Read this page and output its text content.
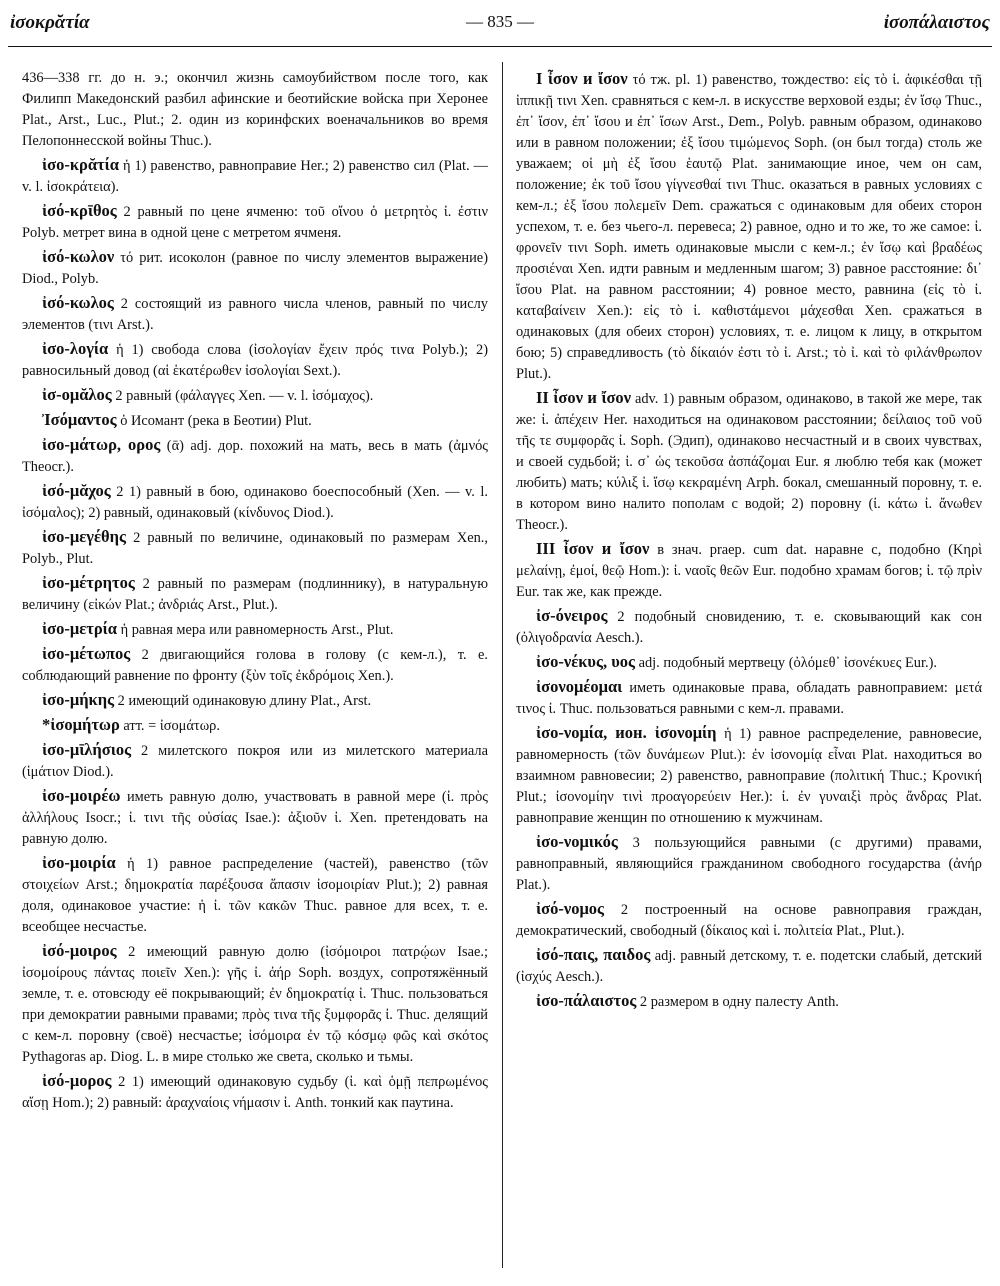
ἰσοκρᾰτία	— 835 —	ἰσοπάλαιστος

436—338 гг. до н. э.; окончил жизнь самоубийством после того, как Филипп Македонский разбил афинские и беотийские войска при Херонее Plat., Arst., Luc., Plut.; 2. один из коринфских военачальников во время Пелопоннесской войны Thuc.).

ἰσο-κρᾰτία ἡ 1) равенство, равноправие Her.; 2) равенство сил (Plat. — v. l. ἰσοκράτεια).

ἰσό-κρῑθος 2 равный по цене ячменю: τοῦ οἴνου ὁ μετρητὸς ἰ. ἐστιν Polyb. метрет вина в одной цене с метретом ячменя.

ἰσό-κωλον τό рит. исоколон (равное по числу элементов выражение) Diod., Polyb.

ἰσό-κωλος 2 состоящий из равного числа членов, равный по числу элементов (τινι Arst.).

ἰσο-λογία ἡ 1) свобода слова (ἰσολογίαν ἔχειν πρός τινα Polyb.); 2) равносильный довод (αἱ ἑκατέρωθεν ἰσολογίαι Sext.).

ἰσ-ομᾰλος 2 равный (φάλαγγες Xen. — v. l. ἰσόμαχος).

Ἰσόμαντος ὁ Исомант (река в Беотии) Plut.

ἰσο-μάτωρ, ορος (ᾱ) adj. дор. похожий на мать, весь в мать (ἀμνός Theocr.).

ἰσό-μᾰχος 2 1) равный в бою, одинаково боеспособный (Xen. — v. l. ἰσόμαλος); 2) равный, одинаковый (κίνδυνος Diod.).

ἰσο-μεγέθης 2 равный по величине, одинаковый по размерам Xen., Polyb., Plut.

ἰσο-μέτρητος 2 равный по размерам (подлиннику), в натуральную величину (εἰκών Plat.; ἀνδριάς Arst., Plut.).

ἰσο-μετρία ἡ равная мера или равномерность Arst., Plut.

ἰσο-μέτωπος 2 двигающийся голова в голову (с кем-л.), т. е. соблюдающий равнение по фронту (ξὺν τοῖς ἐκδρόμοις Xen.).

ἰσο-μήκης 2 имеющий одинаковую длину Plat., Arst.

*ἰσομήτωρ атт. = ἰσομάτωρ.

ἰσο-μῑλήσιος 2 милетского покроя или из милетского материала (ἱμάτιον Diod.).

ἰσο-μοιρέω иметь равную долю, участвовать в равной мере (ἰ. πρὸς ἀλλήλους Isocr.; ἰ. τινι τῆς οὐσίας Isae.): ἀξιοῦν ἰ. Xen. претендовать на равную долю.

ἰσο-μοιρία ἡ 1) равное распределение (частей), равенство (τῶν στοιχείων Arst.; δημοκρατία παρέξουσα ἅπασιν ἰσομοιρίαν Plut.); 2) равная доля, одинаковое участие: ἡ ἰ. τῶν κακῶν Thuc. равное для всех, т. е. всеобщее несчастье.

ἰσό-μοιρος 2 имеющий равную долю (ἰσόμοιροι πατρῴων Isae.; ἰσομοίρους πάντας ποιεῖν Xen.): γῆς ἰ. ἀήρ Soph. воздух, сопротяжённый земле, т. е. отовсюду её покрывающий; ἐν δημοκρατίᾳ ἰ. Thuc. пользоваться при демократии равными правами; πρὸς τινα τῆς ξυμφορᾶς ἰ. Thuc. делящий с кем-л. поровну (своё) несчастье; ἰσόμοιρα ἐν τῷ κόσμῳ φῶς καὶ σκότος Pythagoras ap. Diog. L. в мире столько же света, сколько и тьмы.

ἰσό-μορος 2 1) имеющий одинаковую судьбу (ἰ. καὶ ὁμῇ πεπρωμένος αἴσῃ Hom.); 2) равный: ἀραχναίοις νήμασιν ἰ. Anth. тонкий как паутина.

I ἶσον и ἴσον τό тж. pl. 1) равенство, тождество: εἰς τὸ ἰ. ἀφικέσθαι τῇ ἱππικῇ τινι Xen. сравняться с кем-л. в искусстве верховой езды; ἐν ἴσῳ Thuc., ἐπ᾽ ἴσον, ἐπ᾽ ἴσου и ἐπ᾽ ἴσων Arst., Dem., Polyb. равным образом, одинаково или в равном положении; ἐξ ἴσου τιμώμενος Soph. (он был тогда) столь же уважаем; οἱ μὴ ἐξ ἴσου ἑαυτῷ Plat. занимающие иное, чем он сам, положение; ἐκ τοῦ ἴσου γίγνεσθαί τινι Thuc. оказаться в равных условиях с кем-л.; ἐξ ἴσου πολεμεῖν Dem. сражаться с одинаковым для обеих сторон успехом, т. е. без чьего-л. перевеса; 2) равное, одно и то же, то же самое: ἰ. φρονεῖν τινι Soph. иметь одинаковые мысли с кем-л.; ἐν ἴσῳ καὶ βραδέως προσιέναι Xen. идти равным и медленным шагом; 3) равное расстояние: δι᾽ ἴσου Plat. на равном расстоянии; 4) ровное место, равнина (εἰς τὸ ἰ. καταβαίνειν Xen.): εἰς τὸ ἰ. καθιστάμενοι μάχεσθαι Xen. сражаться в одинаковых (для обеих сторон) условиях, т. е. лицом к лицу, в открытом бою; 5) справедливость (τὸ δίκαιόν ἐστι τὸ ἰ. Arst.; τὸ ἰ. καὶ τὸ φιλάνθρωπον Plut.).

II ἶσον и ἴσον adv. 1) равным образом, одинаково, в такой же мере, так же: ἰ. ἀπέχειν Her. находиться на одинаковом расстоянии; δείλαιος τοῦ νοῦ τῆς τε συμφορᾶς ἰ. Soph. (Эдип), одинаково несчастный и в своих чувствах, и своей судьбой; ἰ. σ᾽ ὡς τεκοῦσα ἀσπάζομαι Eur. я люблю тебя как (может любить) мать; κύλιξ ἰ. ἴσῳ κεκραμένη Arph. бокал, смешанный поровну, т. е. в котором вино налито пополам с водой; 2) поровну (ἰ. κάτω ἰ. ἄνωθεν Theocr.).

III ἶσον и ἴσον в знач. praep. cum dat. наравне с, подобно (Κηρὶ μελαίνῃ, ἐμοί, θεῷ Hom.): ἰ. ναοῖς θεῶν Eur. подобно храмам богов; ἰ. τῷ πρὶν Eur. так же, как прежде.

ἰσ-όνειρος 2 подобный сновидению, т. е. сковывающий как сон (ὀλιγοδρανία Aesch.).

ἰσο-νέκυς, υος adj. подобный мертвецу (ὀλόμεθ᾽ ἰσονέκυες Eur.).

ἰσονομέομαι иметь одинаковые права, обладать равноправием: μετά τινος ἰ. Thuc. пользоваться равными с кем-л. правами.

ἰσο-νομία, ион. ἰσονομίη ἡ 1) равное распределение, равновесие, равномерность (τῶν δυνάμεων Plut.): ἐν ἰσονομίᾳ εἶναι Plat. находиться во взаимном равновесии; 2) равенство, равноправие (πολιτική Thuc.; Κρονική Plut.; ἰσονομίην τινὶ προαγορεύειν Her.): ἰ. ἐν γυναιξὶ πρὸς ἄνδρας Plat. равноправие женщин по отношению к мужчинам.

ἰσο-νομικός 3 пользующийся равными (с другими) правами, равноправный, являющийся гражданином свободного государства (ἀνήρ Plat.).

ἰσό-νομος 2 построенный на основе равноправия граждан, демократический, свободный (δίκαιος καὶ ἰ. πολιτεία Plat., Plut.).

ἰσό-παις, παιδος adj. равный детскому, т. е. подетски слабый, детский (ἰσχύς Aesch.).

ἰσο-πάλαιστος 2 размером в одну палесту Anth.
